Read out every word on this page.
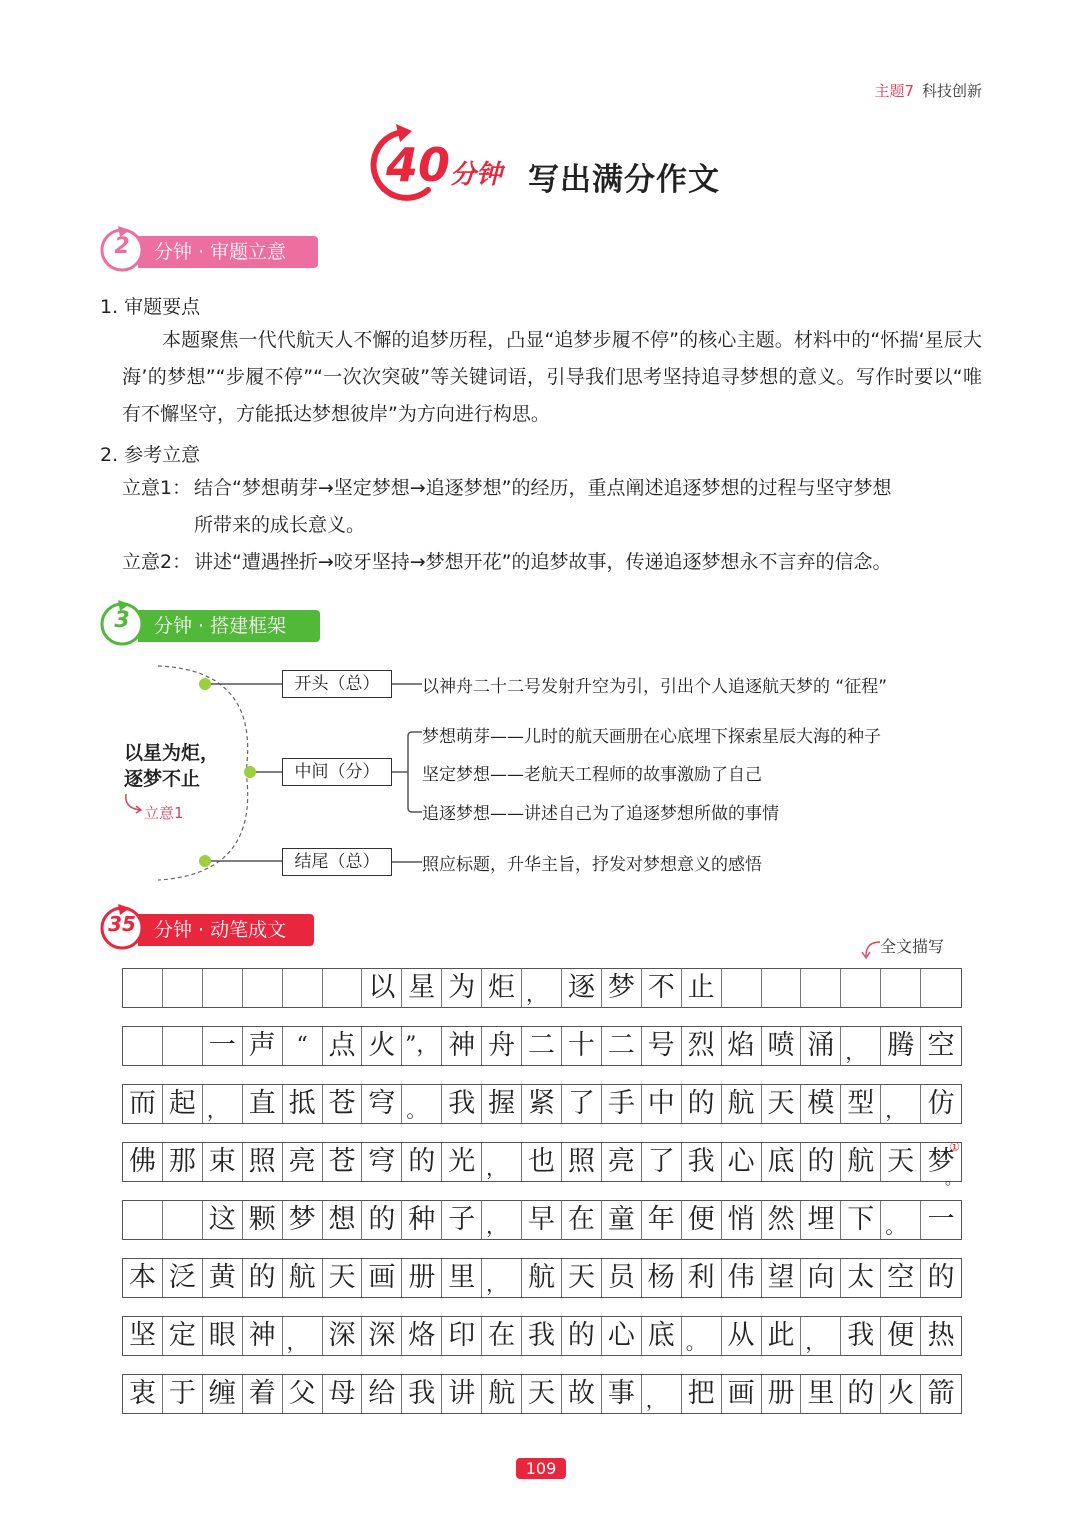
主题7 科技创新
40 分钟 写出满分作文
分钟 · 审题立意
2
1. 审题要点
本题聚焦一代代航天人不懈的追梦历程，凸显“追梦步履不停”的核心主题。材料中的“怀揣‘星辰大海’的梦想”“步履不停”“一次次突破”等关键词语，引导我们思考坚持追寻梦想的意义。写作时要以“唯有不懈坚守，方能抵达梦想彼岸”为方向进行构思。
2. 参考立意
立意1： 结合“梦想萌芽→坚定梦想→追逐梦想”的经历，重点阐述追逐梦想的过程与坚守梦想
所带来的成长意义。
立意2： 讲述“遭遇挫折→咬牙坚持→梦想开花”的追梦故事，传递追逐梦想永不言弃的信念。
分钟 · 搭建框架
3
以星为炬，
逐梦不止
立意1
开头（总）	以神舟二十二号发射升空为引，引出个人追逐航天梦的 “征程”
中间（分）
梦想萌芽——儿时的航天画册在心底埋下探索星辰大海的种子
坚定梦想——老航天工程师的故事激励了自己
追逐梦想——讲述自己为了追逐梦想所做的事情
结尾（总）	照应标题，升华主旨，抒发对梦想意义的感悟
分钟 · 动笔成文
35
全文描写
以 星 为 炬 ， 逐 梦 不 止
一 声 “ 点 火 ”， 神 舟 二 十 二 号 烈 焰 喷 涌 ， 腾 空
而 起 ， 直 抵 苍 穹 。 我 握 紧 了 手 中 的 航 天 模 型 ， 仿
佛 那 束 照 亮 苍 穹 的 光 ， 也 照 亮 了 我 心 底 的 航 天 梦
①
。
这 颗 梦 想 的 种 子 ， 早 在 童 年 便 悄 然 埋 下 。 一
本 泛 黄 的 航 天 画 册 里 ， 航 天 员 杨 利 伟 望 向 太 空 的
坚 定 眼 神 ， 深 深 烙 印 在 我 的 心 底 。 从 此 ， 我 便 热
衷 于 缠 着 父 母 给 我 讲 航 天 故 事 ， 把 画 册 里 的 火 箭
109
